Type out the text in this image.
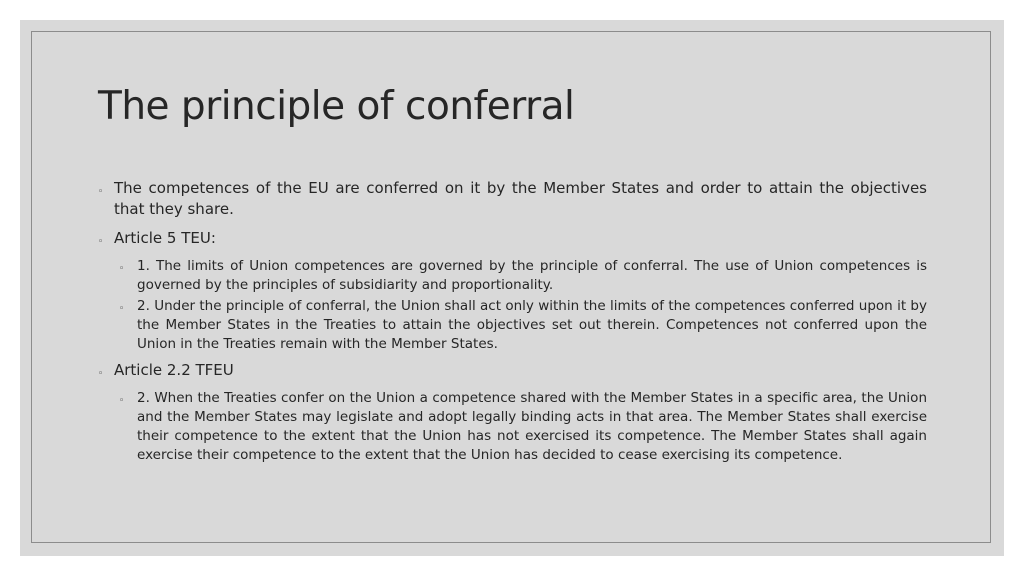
The principle of conferral
◦ The competences of the EU are conferred on it by the Member States and order to attain the objectives that they share.
◦ Article 5 TEU:
◦ 1. The limits of Union competences are governed by the principle of conferral. The use of Union competences is governed by the principles of subsidiarity and proportionality.
◦ 2. Under the principle of conferral, the Union shall act only within the limits of the competences conferred upon it by the Member States in the Treaties to attain the objectives set out therein. Competences not conferred upon the Union in the Treaties remain with the Member States.
◦ Article 2.2 TFEU
◦ 2. When the Treaties confer on the Union a competence shared with the Member States in a specific area, the Union and the Member States may legislate and adopt legally binding acts in that area. The Member States shall exercise their competence to the extent that the Union has not exercised its competence. The Member States shall again exercise their competence to the extent that the Union has decided to cease exercising its competence.
